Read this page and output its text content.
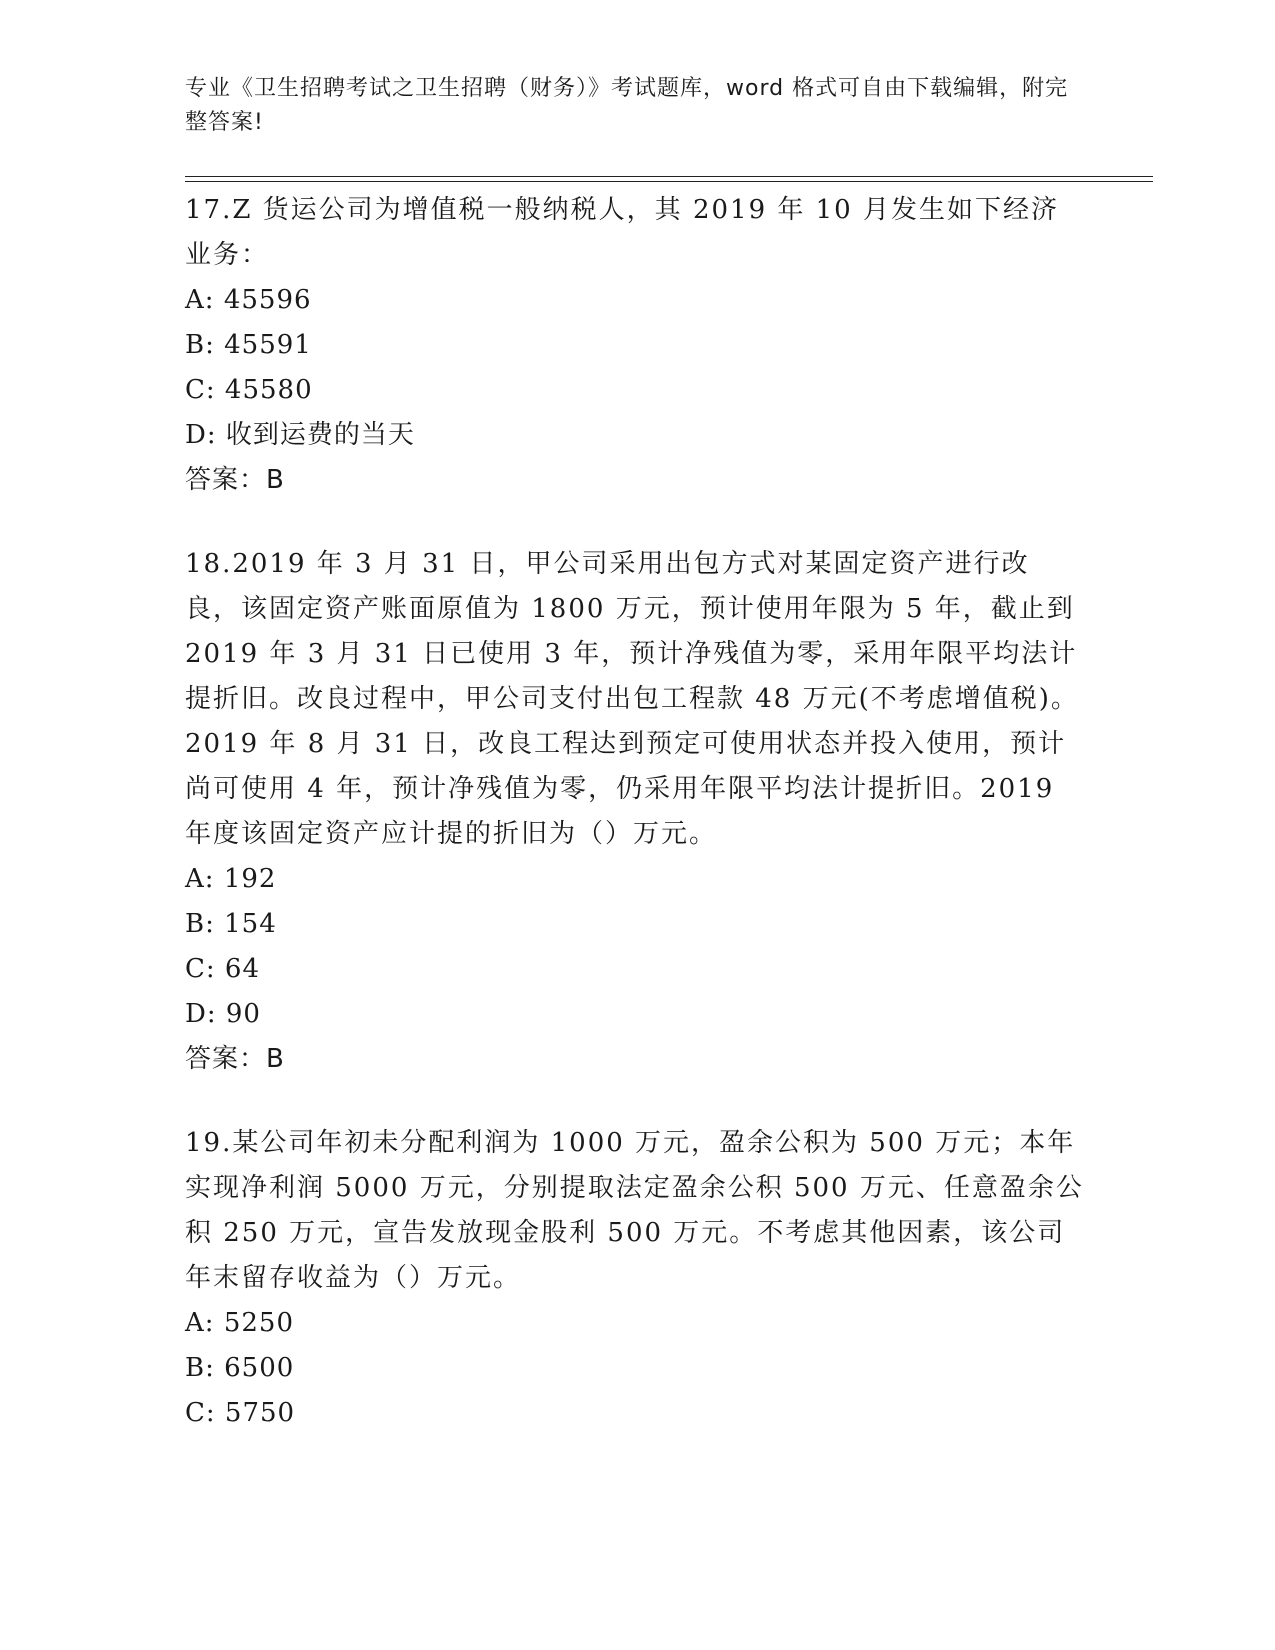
专业《卫生招聘考试之卫生招聘（财务）》考试题库，word 格式可自由下载编辑，附完整答案!
17.Z 货运公司为增值税一般纳税人，其 2019 年 10 月发生如下经济业务：
A: 45596
B: 45591
C: 45580
D: 收到运费的当天
答案：B
18.2019 年 3 月 31 日，甲公司采用出包方式对某固定资产进行改良，该固定资产账面原值为 1800 万元，预计使用年限为 5 年，截止到 2019 年 3 月 31 日已使用 3 年，预计净残值为零，采用年限平均法计提折旧。改良过程中，甲公司支付出包工程款 48 万元(不考虑增值税)。2019 年 8 月 31 日，改良工程达到预定可使用状态并投入使用，预计尚可使用 4 年，预计净残值为零，仍采用年限平均法计提折旧。2019 年度该固定资产应计提的折旧为（）万元。
A: 192
B: 154
C: 64
D: 90
答案：B
19.某公司年初未分配利润为 1000 万元，盈余公积为 500 万元；本年实现净利润 5000 万元，分别提取法定盈余公积 500 万元、任意盈余公积 250 万元，宣告发放现金股利 500 万元。不考虑其他因素，该公司年末留存收益为（）万元。
A: 5250
B: 6500
C: 5750
